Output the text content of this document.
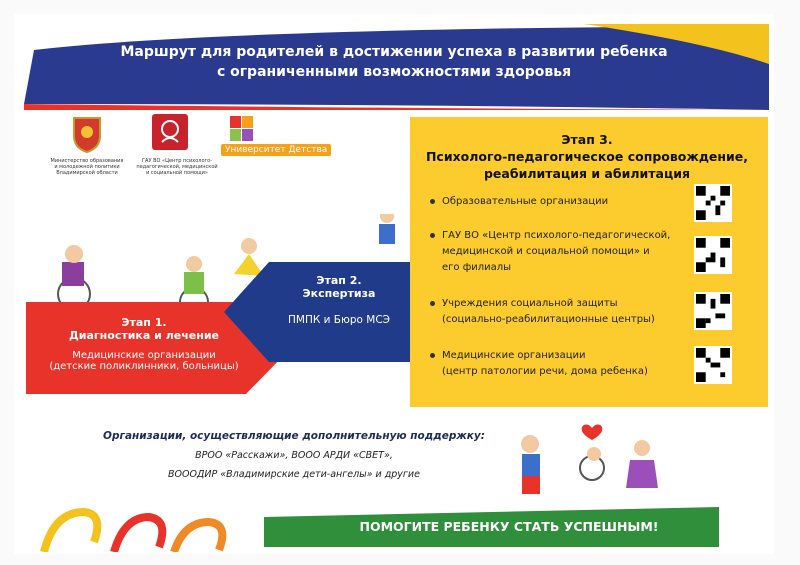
Маршрут для родителей в достижении успеха в развитии ребенка
с ограниченными возможностями здоровья
Министерство образования
и молодежной политики
Владимирской области
ГАУ ВО «Центр психолого-
педагогической, медицинской
и социальной помощи»
Университет Детства
Этап 1.
Диагностика и лечение
Медицинские организации
(детские поликлинники, больницы)
Этап 2.
Экспертиза
ПМПК и Бюро МСЭ
Этап 3.
Психолого-педагогическое сопровождение,
реабилитация и абилитация
Образовательные организации
ГАУ ВО «Центр психолого-педагогической,
медицинской и социальной помощи» и
его филиалы
Учреждения социальной защиты
(социально-реабилитационные центры)
Медицинские организации
(центр патологии речи, дома ребенка)
Организации, осуществляющие дополнительную поддержку:
ВРОО «Расскажи», ВООО АРДИ «СВЕТ»,
ВОООДИР «Владимирские дети-ангелы» и другие
ПОМОГИТЕ РЕБЕНКУ СТАТЬ УСПЕШНЫМ!
